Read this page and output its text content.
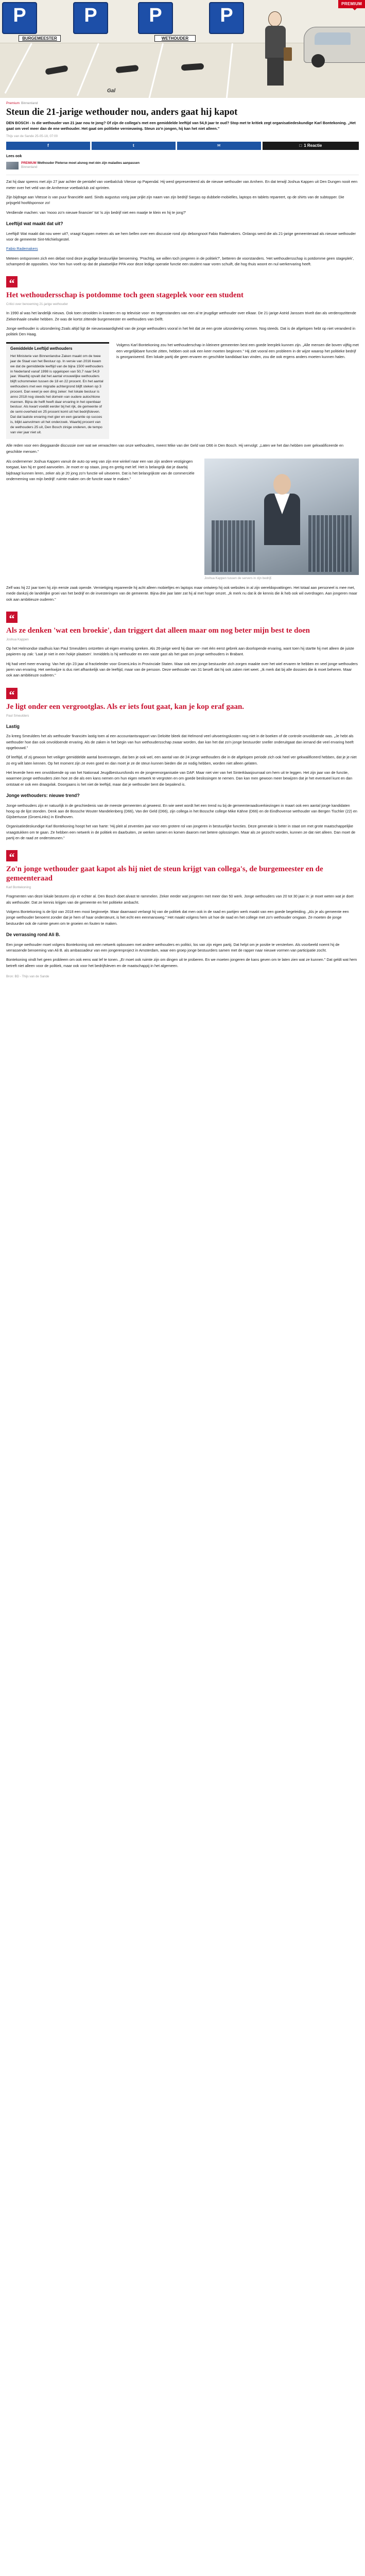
P	P	P	P
BURGEMEESTER	WETHOUDER
Gal
PREMIUM
Premium Binnenland
Steun die 21-jarige wethouder nou, anders gaat hij kapot

DEN BOSCH - Is die wethouder van 21 jaar nou te jong? Of zijn de collega's met een gemiddelde leeftijd van 54,9 jaar te oud? Stop met te kritiek zegt organisatiedeskundige Karl Bontekoning. „Het gaat om veel meer dan de ene wethouder. Het gaat om politieke vernieuwing. Steun zo'n jongen, hij kan het niet alleen."

Thijs van de Sande 25-05-18, 07:00
f	t	✉	□ 1 Reactie
Lees ook
PREMIUM Wethouder Pieterse moet alsnog met één zijn maladies aanpassen
Binnenland

Zat hij daar speens met zijn 27 jaar achter de pentafel van voetbalclub Vitesse op Papendal. Hij werd gepresenteerd als de nieuwe wethouder van Arnhem. En dat terwijl Joshua Kappen uit Den Dungen nooit een meter over het veld van de Arnhemse voetbalclub zal sprinten.

Zijn bijdrage aan Vitesse is van puur financiële aard. Sinds augustus vorig jaar prijkt zijn naam van zijn bedrijf Sargas op dubbele-mobielles, laptops en tablets repareert, op de shirts van de subtopper. Die prijsgeld hoofdsponsor zo!

Verdiende machen: van 'mooo zo'n nieuwe financier' tot 'is zijn bedrijf niet een maatje te klein en hij te jong?'

Leeftijd wat maakt dat uit?

Leeftijd! Wat maakt dat nou weer uit?, vraagt Kappen meteen als we hem bellen over een discussie rond zijn debongnoot Fabio Rademakers. Onlangs werd die als 21-jarige gemeenteraad als nieuwe wethouder voor de gemeente Sint-Michielsgestel.

Fabio Rademakers

Meteen ontsponnen zich een debat rond deze jeugdige bestuurlijke benoeming. 'Prachtig, we willen toch jongeren in de politiek?', betteren de voorstanders. 'Het wethoudersschap is potdomme geen stageplek', schamperd de opposities. Voor hen hun voelt op dat de plaatselijke PPA voor deze ledige operatie functie een student naar voren schuift, die hog thuis woont en nul werkervaring heeft.

“
Het wethoudersschap is potdomme toch geen stageplek voor een student
Critici over benoeming 21-jarige wethouder

In 1990 al was het landelijk nieuws. Ook toen stroolden in kranten en op televisie voor- en tegenstanders van een al te jeugdige wethouder over elkaar. De 21-jarige Astrid Janssen trivelt dan als verderopzittende Ziekenhaale cewike hebben. Ze was de kortst zittende burgemeester en wethouders van Delft.

Jonge wethouder is uitzondering Zoals altijd ligt de nieuwswaardigheid van de jonge wethouders vooral in het feit dat ze een grote uitzondering vormen. Nog steeds. Dat is de afgelopen hebt op niet veranderd in politiek Den Haag.

Gemiddelde Leeftijd wethouders
Het Ministerie van Binnenlandse Zaken maakt om de twee jaar de Staat van het Bestuur op. In versie van 2016 kwam we dat de gemiddelde leeftijd van de bijna 1500 wethouders in Nederland vanaf 1998 is opgelopen van 50,7 naar 54,9 jaar. Waarbij opvalt dat het aantal vrouwelijke wethouders blijft schommelen tussen de 18 en 22 procent. En het aantal wethouders met een migratie achtergrond blijft steken op 3 procent. Dan weet je een ding zeker: het lokale bestuur is anno 2018 nog steeds het domein van oudere autochtone mannen. Bijna de helft heeft daar ervaring in het openbaar bestuur. Als kwart voeldit eerder bij het rijk, de gemeente of de semi-overheid en 25 procent komt uit het bedrijfsleven. Dat dat laatste ervaring met gier en een garantie op succes is, blijkt aanvolmen uit het onderzoek. Waarbij procent van de wethouders 25 uit, Den Bosch zinige onderen, de tempo van vier jaar niet uit.
Volgens Karl Bontekoning zou het wethouderschap in kleinere gemeenten best een goede leerplek kunnen zijn. „Alle mensen die boven vijftig met een vergelijkbare functie zitten, hebben ooit ook een keer moeten beginnen." Hij ziet vooral een probleem in de wijze waarop het politieke bedrijf is georganiseerd. Een lokale partij die geen ervaren en geschikte kandidaat kan vinden, zou die ook ergens anders moeten kunnen halen.

Alle reden voor een diepgaande discussie over wat we verwachten van onze wethouders, meent Mike van der Geld van D66 in Den Bosch. Hij vervolgt: „Laten we het dan hebben over gekwalificeerde en geschikte mensen."

Als ondernemer Joshua Kappen vanuit de auto op weg van zijn ene winkel naar een van zijn andere vestigingen toegaat, kan hij er goed aanvoelen. Je moet er op staan, jong en gretig met lef. Het is belangrijk dat je daarbij bijdraagt kunnen leren, zeker als je 20 jong zo'n functie wil uitvoeren. Dat is het belangrijkste van de commerciële onderneming van mijn bedrijf: ruimte maken om de functie waar te maken."

Joshua Kappen tussen de servers in zijn bedrijf.

Zelf was hij 22 jaar toen hij zijn eerste zaak opende. Vernietiging repareerde hij acht alleen mobieltjes en laptops maar ontwierp hij ook websites in al zijn wereldopvattingen. Het totaal aan personeel is mee met, mede dankzij de landelijke groei van het bedrijf en de investeringen van de gemeente. Bijna drie jaar later zat hij al met hoger omzet. „Ik merk nu dat ik de kennis die ik heb ook wil overdragen. Aan jongeren maar ook aan ambitieuze ouderen."

“
Als ze denken 'wat een broekie', dan triggert dat alleen maar om nog beter mijn best te doen
Joshua Kappen

Op het Helmondse stadhuis kan Paul Smeulders ontzetten uit eigen ervaring spreken. Als 26-jarige werd hij daar ver- met één eerst gebrek aan doorlopende ervaring, want toen hij startte hij met alleen de juiste papieren op zak: 'Laat je niet in een hokje plaatsen'. Inmiddels is hij wethouder en een vaste gast als het gaat om jonge wethouders in Brabant.

Hij had veel meer ervaring: Van het zijn 23 jaar al fractieleider voor GroenLinks in Provinciale Staten. Maar ook een jonge bestuurder zich zorgen maakte over het wiel ervaren te hebben en veel jonge wethouders jaren van ervaring. Het werkwijze is dus niet afhankelijk van de leeftijd, maar van de persoon. Deze wethouder van 31 beseft dat hij ook zaken niet weet. „Ik merk dat bij alle dossiers die ik moet beheren. Maar ook aan ambitieuze ouderen."

“
Je ligt onder een vergrootglas. Als er iets fout gaat, kan je kop eraf gaan.
Paul Smeulders
Lastig

Zo kreeg Smeulders het als wethouder financiën lastig toen al een accountantsrapport van Deloitte bleek dat Helmond veel uitvoeringskosten nog niet in de boeken of de controle onvoldoende was. „Je hebt als wethouder hoe dan ook onvoldoende ervaring. Als de zaken in het begin van hun wethoudersschap zwaar worden, dan kan het dat zo'n jonge bestuurder sneller onderuitgaat dan iemand die veel ervaring heeft opgebouwd."

Of leeftijd, of zij gewoon het veiliger gemiddelde aantal bovenrangen, dat ben je ook wel, een aantal van de 24 jonge wethouders die in de afgelopen periode zich ook heel ver gekwalificeerd hebben, dat je je niet zo erg wilt laten kennen. Op het moment zijn ze even goed en dan moet je ze de steun kunnen bieden die ze nodig hebben, worden niet alleen gelaten.

Het leverde hem een onvoldoende op van het Nationaal Jeugdbestuursfonds en de jongerenorganisatie van DAP. Maar niet vier van het Sinterklaasjournaal om hem uit te leggen. Het zijn jaar van de functie, waarmee jonge wethouders zien hoe ze die als een kans nemen om hun eigen netwerk te vergroten en om goede beslissingen te nemen. Dan kan men gewoon meer bewijzen dat je het eventueel kunt en dan ontstaat er ook een draagvlak. Doorgaans is het niet de leeftijd, maar dat je wethouder bent die bepalend is.

Jonge wethouders: nieuwe trend?

Jonge wethouders zijn er natuurlijk in de geschiedenis van de meeste gemeenten al geweest. En wie weet wordt het een trend nu bij de gemeenteraadsverkiezingen in maart ook een aantal jonge kandidaten hoog op de lijst stonden. Denk aan de Bossche Wouter Mandelenberg (D66), Van der Geld (D66), zijn collega in het Bossche college Mike Kähne (D66) en de Eindhovense wethouder van Bergen Tischler (22) en Gijsbertusse (GroenLinks) in Eindhoven.

Organisatiedeskundige Karl Bontekoning hoopt het van harte: 'Hij pleit al zeventien jaar voor een grotere rol van jongeren in bestuurlijke functies. Deze generatie is beter in staat om met grote maatschappelijke vraagstukken om te gaan. Ze hebben een netwerk in de politiek en daarbuiten, ze werken samen en komen daarom met betere oplossingen. Maar als ze gezocht worden, kunnen ze dat niet alleen. Dan moet de partij en de raad ze ondersteunen."

“
Zo'n jonge wethouder gaat kapot als hij niet de steun krijgt van collega's, de burgemeester en de gemeenteraad
Karl Bontekoning

Fragmenten van deze lokale besturen zijn er echter al. Den Bosch doet alvast te rammelen. Zeker eerder wat jongeren met meer dan 50 werk. Jonge wethouders van 20 tot 30 jaar in: je moet weten wat je doet als wethouder. Dat ze kennis krijgen van de gemeente en het politieke ambacht.

Volgens Bontekoning is de lijst van 2018 een mooi beginnetje. Maar daarnaast verlangt hij van de politiek dat men ook in de raad en partijen werk maakt van een goede begeleiding. „Als je als gemeente een jonge wethouder benoemt zonder dat je hem of haar ondersteunt, is het echt een eenmansweg." Het maakt volgens hem uit hoe de raad en het college met zo'n wethouder omgaan. Ze moeten de jonge bestuurder ook de ruimte geven om te groeien en fouten te maken.

De verrassing rond Ali B.

Een jonge wethouder moet volgens Bontekoning ook een netwerk opbouwen met andere wethouders en politici, los van zijn eigen partij. Dat helpt om je positie te versterken. Als voorbeeld noemt hij de verrassende benoeming van Ali B. als ambassadeur van een jongerenproject in Amsterdam, waar een groep jonge bestuurders samen met de rapper naar nieuwe vormen van participatie zocht.

Bontekoning vindt het geen probleem om ook eens wat lef te tonen. „Er moet ook ruimte zijn om dingen uit te proberen. En we moeten jongeren de kans geven om te laten zien wat ze kunnen." Dat geldt wat hem betreft niet alleen voor de politiek, maar ook voor het bedrijfsleven en de maatschappij in het algemeen.

Bron: BD - Thijs van de Sande
